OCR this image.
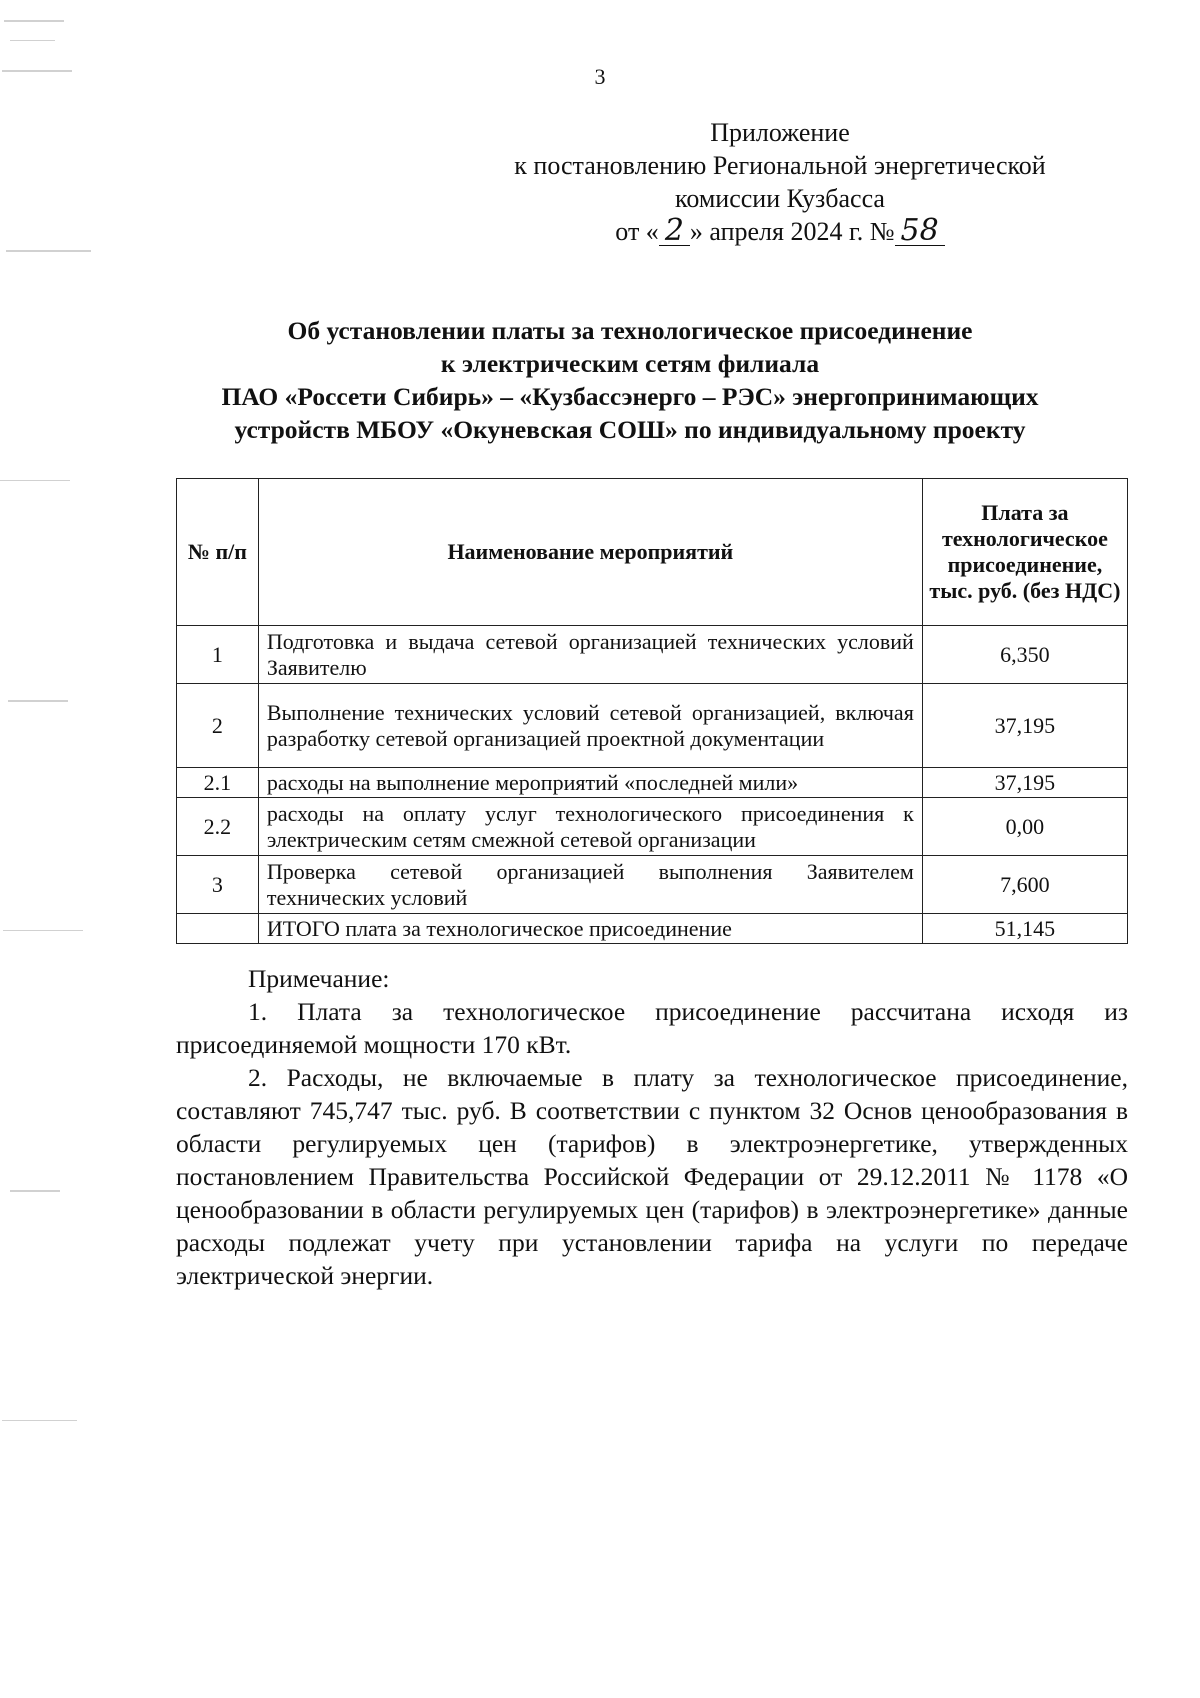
3
Приложение
к постановлению Региональной энергетической
комиссии Кузбасса
от « 2 » апреля 2024 г. № 58
Об установлении платы за технологическое присоединение
к электрическим сетям филиала
ПАО «Россети Сибирь» – «Кузбассэнерго – РЭС» энергопринимающих
устройств МБОУ «Окуневская СОШ» по индивидуальному проекту
№ п/п	Наименование мероприятий	Плата за технологическое присоединение, тыс. руб. (без НДС)
1	Подготовка и выдача сетевой организацией технических условий Заявителю	6,350
2	Выполнение технических условий сетевой организацией, включая разработку сетевой организацией проектной документации	37,195
2.1	расходы на выполнение мероприятий «последней мили»	37,195
2.2	расходы на оплату услуг технологического присоединения к электрическим сетям смежной сетевой организации	0,00
3	Проверка сетевой организацией выполнения Заявителем технических условий	7,600
	ИТОГО плата за технологическое присоединение	51,145

Примечание:

1. Плата за технологическое присоединение рассчитана исходя из присоединяемой мощности 170 кВт.

2. Расходы, не включаемые в плату за технологическое присоединение, составляют 745,747 тыс. руб. В соответствии с пунктом 32 Основ ценообразования в области регулируемых цен (тарифов) в электроэнергетике, утвержденных постановлением Правительства Российской Федерации от 29.12.2011 № 1178 «О ценообразовании в области регулируемых цен (тарифов) в электроэнергетике» данные расходы подлежат учету при установлении тарифа на услуги по передаче электрической энергии.
